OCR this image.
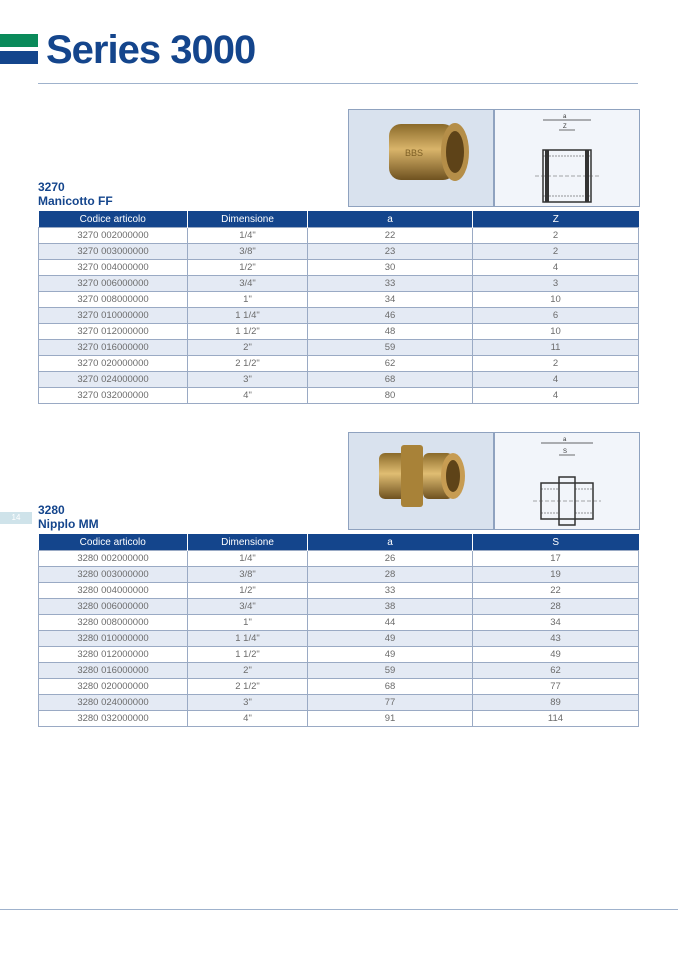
Series 3000
14
BBS
a
Z
3270
Manicotto FF
Codice articolo	Dimensione	a	Z
3270 002000000	1/4"	22	2
3270 003000000	3/8"	23	2
3270 004000000	1/2"	30	4
3270 006000000	3/4"	33	3
3270 008000000	1"	34	10
3270 010000000	1 1/4"	46	6
3270 012000000	1 1/2"	48	10
3270 016000000	2"	59	11
3270 020000000	2 1/2"	62	2
3270 024000000	3"	68	4
3270 032000000	4"	80	4
a
S
3280
Nipplo MM
Codice articolo	Dimensione	a	S
3280 002000000	1/4"	26	17
3280 003000000	3/8"	28	19
3280 004000000	1/2"	33	22
3280 006000000	3/4"	38	28
3280 008000000	1"	44	34
3280 010000000	1 1/4"	49	43
3280 012000000	1 1/2"	49	49
3280 016000000	2"	59	62
3280 020000000	2 1/2"	68	77
3280 024000000	3"	77	89
3280 032000000	4"	91	114
